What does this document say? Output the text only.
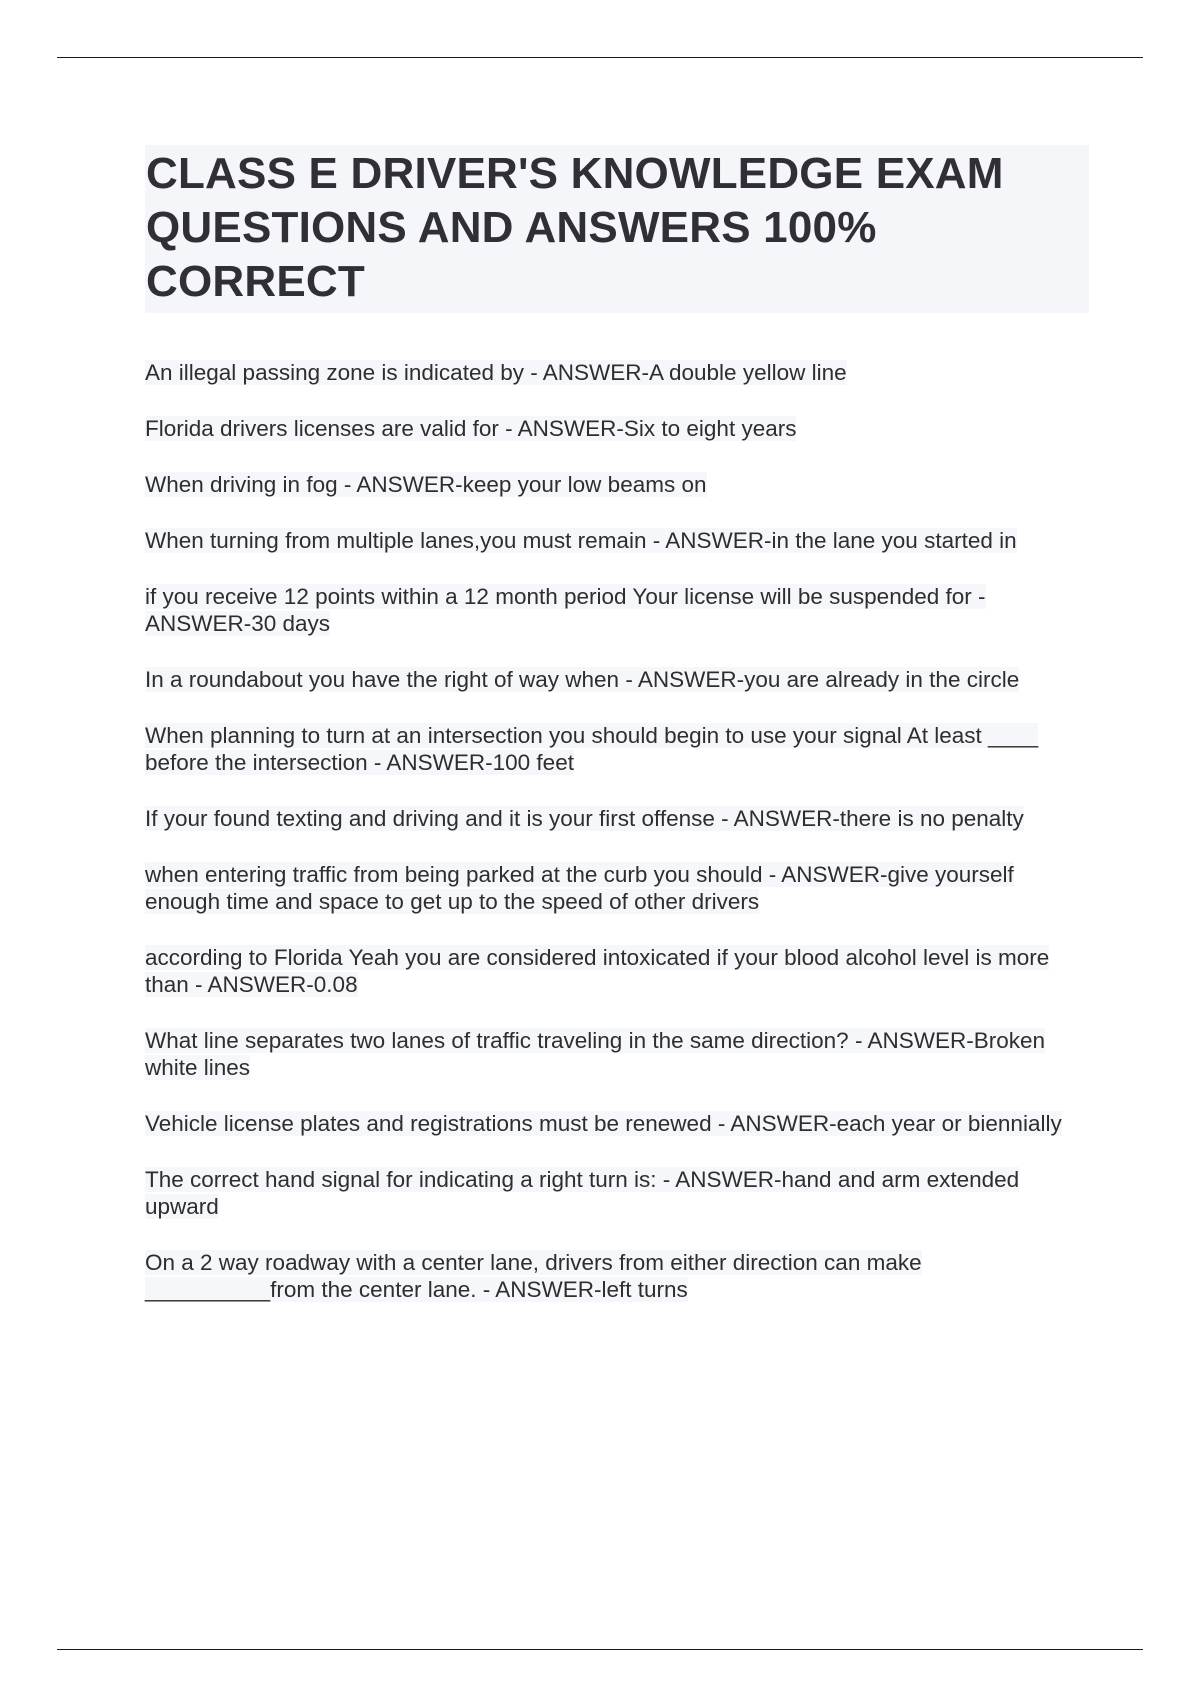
CLASS E DRIVER'S KNOWLEDGE EXAM QUESTIONS AND ANSWERS 100% CORRECT
An illegal passing zone is indicated by - ANSWER-A double yellow line
Florida drivers licenses are valid for - ANSWER-Six to eight years
When driving in fog - ANSWER-keep your low beams on
When turning from multiple lanes,you must remain - ANSWER-in the lane you started in
if you receive 12 points within a 12 month period Your license will be suspended for - ANSWER-30 days
In a roundabout you have the right of way when - ANSWER-you are already in the circle
When planning to turn at an intersection you should begin to use your signal At least ____ before the intersection - ANSWER-100 feet
If your found texting and driving and it is your first offense - ANSWER-there is no penalty
when entering traffic from being parked at the curb you should - ANSWER-give yourself enough time and space to get up to the speed of other drivers
according to Florida Yeah you are considered intoxicated if your blood alcohol level is more than - ANSWER-0.08
What line separates two lanes of traffic traveling in the same direction? - ANSWER-Broken white lines
Vehicle license plates and registrations must be renewed - ANSWER-each year or biennially
The correct hand signal for indicating a right turn is: - ANSWER-hand and arm extended upward
On a 2 way roadway with a center lane, drivers from either direction can make __________from the center lane. - ANSWER-left turns
